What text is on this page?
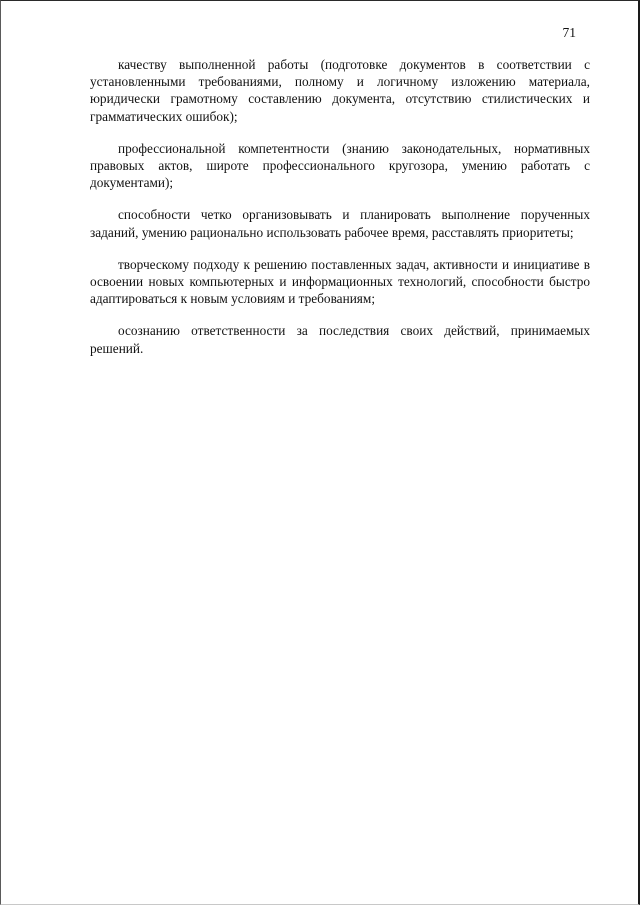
71

качеству выполненной работы (подготовке документов в соответствии с установленными требованиями, полному и логичному изложению материала, юридически грамотному составлению документа, отсутствию стилистических и грамматических ошибок);

профессиональной компетентности (знанию законодательных, нормативных правовых актов, широте профессионального кругозора, умению работать с документами);

способности четко организовывать и планировать выполнение порученных заданий, умению рационально использовать рабочее время, расставлять приоритеты;

творческому подходу к решению поставленных задач, активности и инициативе в освоении новых компьютерных и информационных технологий, способности быстро адаптироваться к новым условиям и требованиям;

осознанию ответственности за последствия своих действий, принимаемых решений.
